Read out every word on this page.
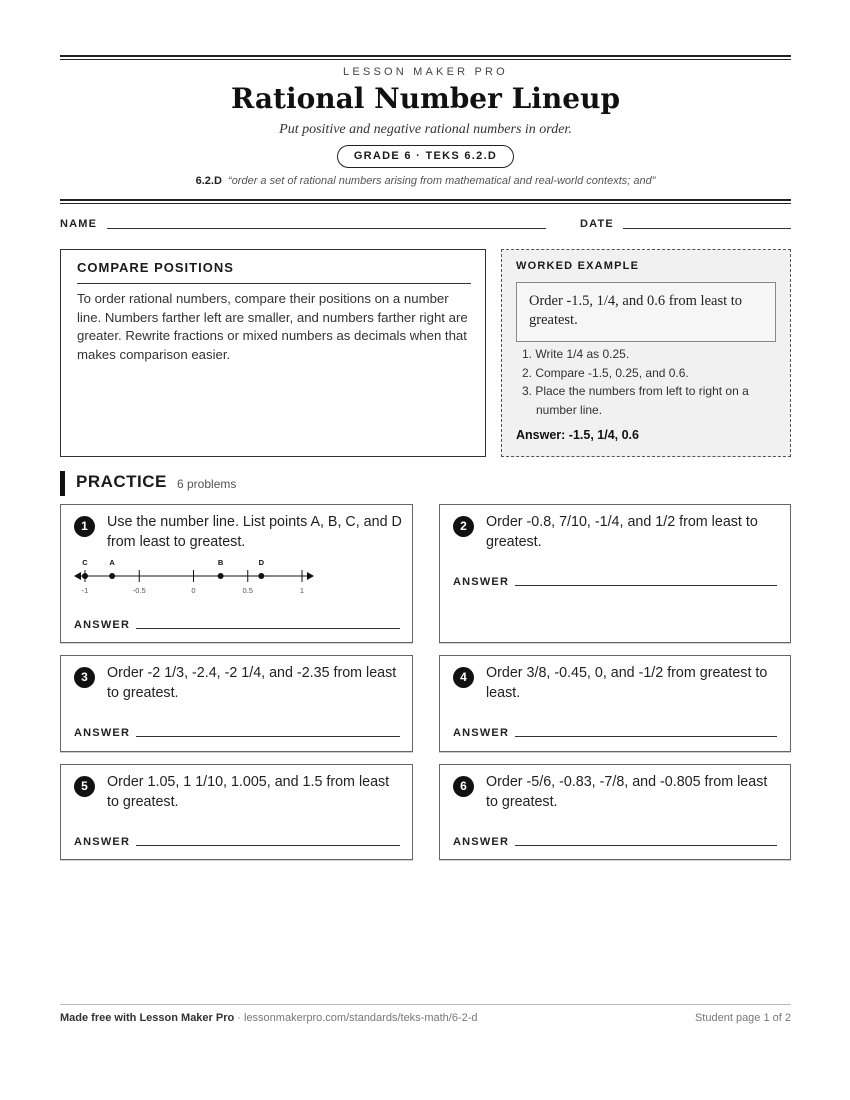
LESSON MAKER PRO
Rational Number Lineup
Put positive and negative rational numbers in order.
GRADE 6 · TEKS 6.2.D
6.2.D “order a set of rational numbers arising from mathematical and real-world contexts; and”
NAME	DATE
COMPARE POSITIONS

To order rational numbers, compare their positions on a number line. Numbers farther left are smaller, and numbers farther right are greater. Rewrite fractions or mixed numbers as decimals when that makes comparison easier.

WORKED EXAMPLE
Order -1.5, 1/4, and 0.6 from least to greatest.
1. Write 1/4 as 0.25.
2. Compare -1.5, 0.25, and 0.6.
3. Place the numbers from left to right on a number line.
Answer: -1.5, 1/4, 0.6
PRACTICE 6 problems
1	Use the number line. List points A, B, C, and D from least to greatest.
-1	-0.5	0	0.5	1
C	A	B	D
ANSWER
2	Order -0.8, 7/10, -1/4, and 1/2 from least to greatest.
ANSWER
3	Order -2 1/3, -2.4, -2 1/4, and -2.35 from least to greatest.
ANSWER
4	Order 3/8, -0.45, 0, and -1/2 from greatest to least.
ANSWER
5	Order 1.05, 1 1/10, 1.005, and 1.5 from least to greatest.
ANSWER
6	Order -5/6, -0.83, -7/8, and -0.805 from least to greatest.
ANSWER
Made free with Lesson Maker Pro · lessonmakerpro.com/standards/teks-math/6-2-d	Student page 1 of 2
